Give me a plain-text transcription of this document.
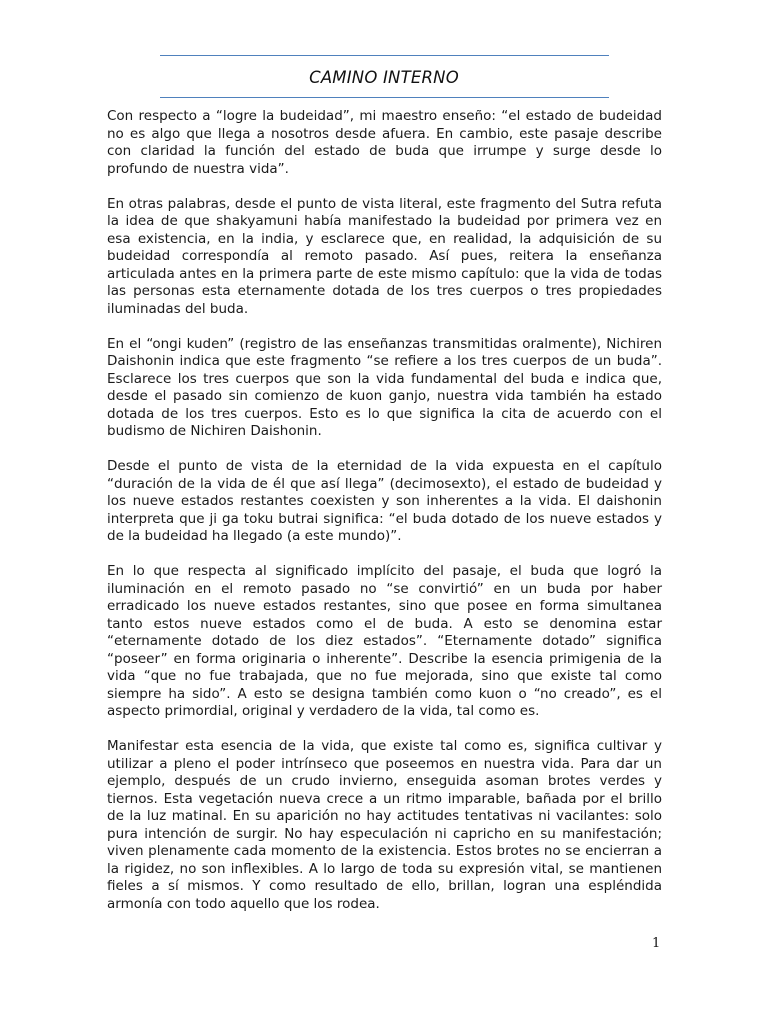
CAMINO INTERNO

Con respecto a “logre la budeidad”, mi maestro enseño: “el estado de budeidad no es algo que llega a nosotros desde afuera. En cambio, este pasaje describe con claridad la función del estado de buda que irrumpe y surge desde lo profundo de nuestra vida”.

En otras palabras, desde el punto de vista literal, este fragmento del Sutra refuta la idea de que shakyamuni había manifestado la budeidad por primera vez en esa existencia, en la india, y esclarece que, en realidad, la adquisición de su budeidad correspondía al remoto pasado. Así pues, reitera la enseñanza articulada antes en la primera parte de este mismo capítulo: que la vida de todas las personas esta eternamente dotada de los tres cuerpos o tres propiedades iluminadas del buda.

En el “ongi kuden” (registro de las enseñanzas transmitidas oralmente), Nichiren Daishonin indica que este fragmento “se refiere a los tres cuerpos de un buda”. Esclarece los tres cuerpos que son la vida fundamental del buda e indica que, desde el pasado sin comienzo de kuon ganjo, nuestra vida también ha estado dotada de los tres cuerpos. Esto es lo que significa la cita de acuerdo con el budismo de Nichiren Daishonin.

Desde el punto de vista de la eternidad de la vida expuesta en el capítulo “duración de la vida de él que así llega” (decimosexto), el estado de budeidad y los nueve estados restantes coexisten y son inherentes a la vida. El daishonin interpreta que ji ga toku butrai significa: “el buda dotado de los nueve estados y de la budeidad ha llegado (a este mundo)”.

En lo que respecta al significado implícito del pasaje, el buda que logró la iluminación en el remoto pasado no “se convirtió” en un buda por haber erradicado los nueve estados restantes, sino que posee en forma simultanea tanto estos nueve estados como el de buda. A esto se denomina estar “eternamente dotado de los diez estados”. “Eternamente dotado” significa “poseer” en forma originaria o inherente”. Describe la esencia primigenia de la vida “que no fue trabajada, que no fue mejorada, sino que existe tal como siempre ha sido”. A esto se designa también como kuon o “no creado”, es el aspecto primordial, original y verdadero de la vida, tal como es.

Manifestar esta esencia de la vida, que existe tal como es, significa cultivar y utilizar a pleno el poder intrínseco que poseemos en nuestra vida. Para dar un ejemplo, después de un crudo invierno, enseguida asoman brotes verdes y tiernos. Esta vegetación nueva crece a un ritmo imparable, bañada por el brillo de la luz matinal. En su aparición no hay actitudes tentativas ni vacilantes: solo pura intención de surgir. No hay especulación ni capricho en su manifestación; viven plenamente cada momento de la existencia. Estos brotes no se encierran a la rigidez, no son inflexibles. A lo largo de toda su expresión vital, se mantienen fieles a sí mismos. Y como resultado de ello, brillan, logran una espléndida armonía con todo aquello que los rodea.

1
